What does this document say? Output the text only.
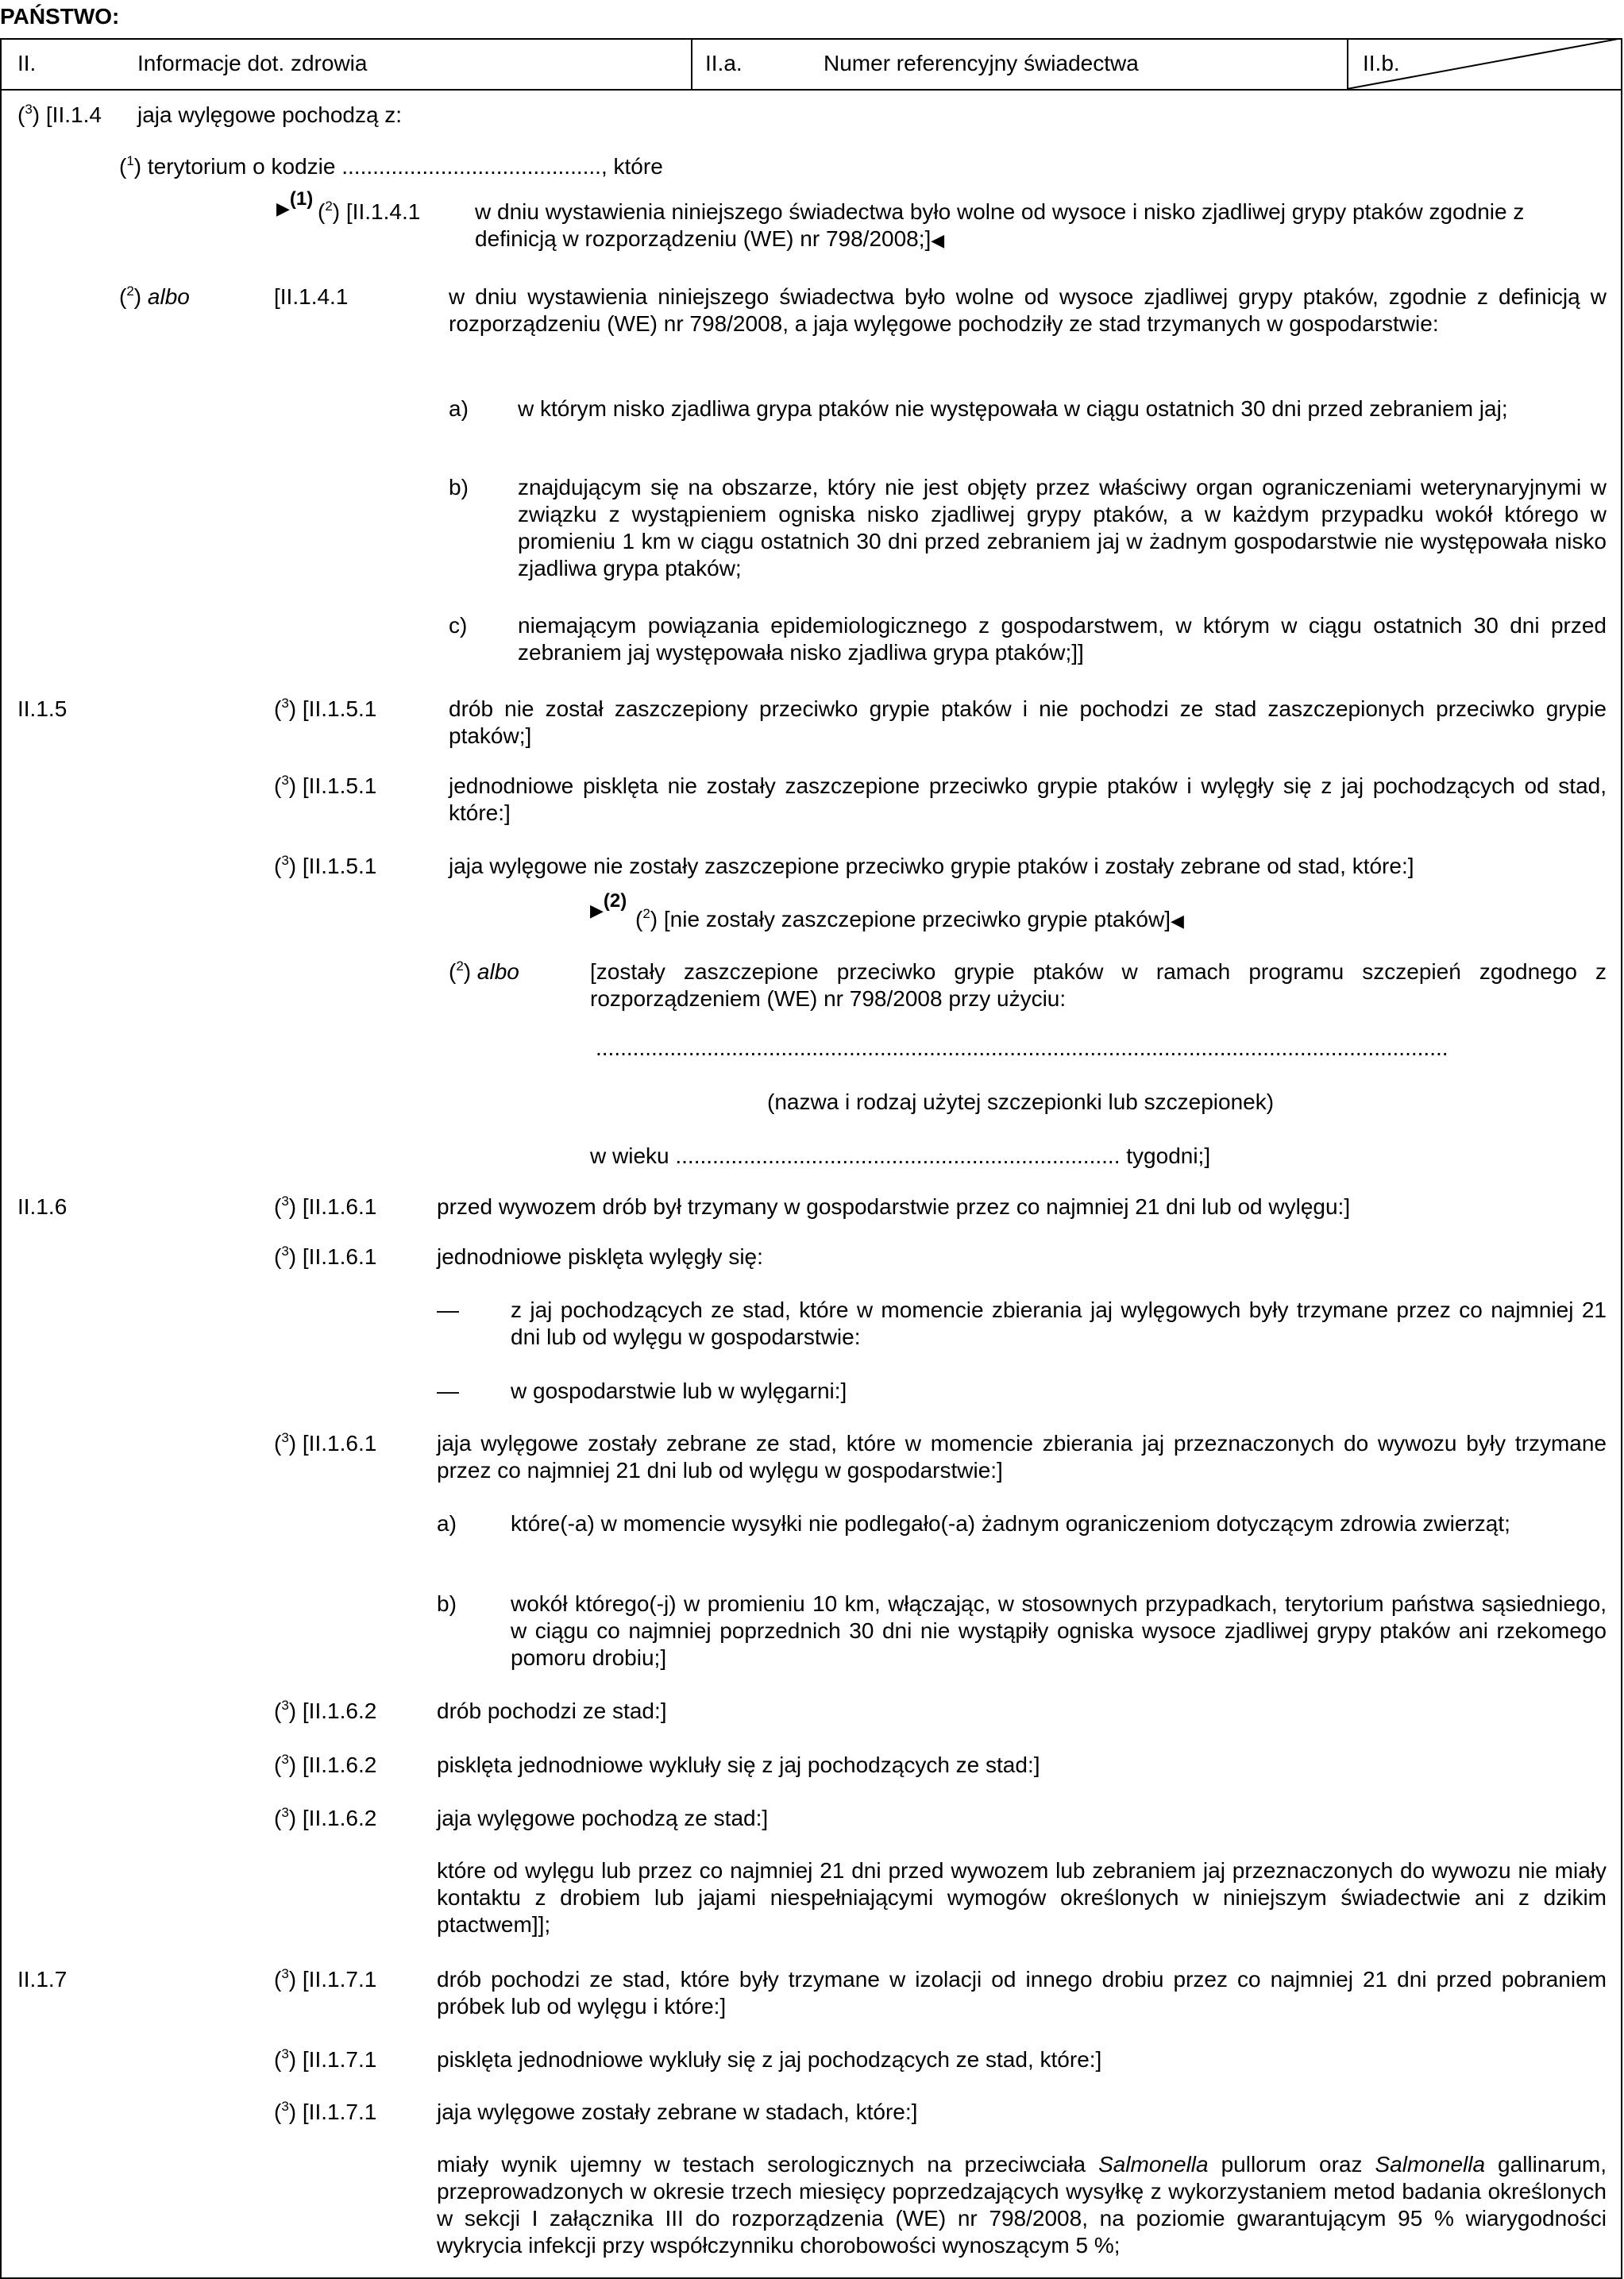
PAŃSTWO:
II.	Informacje dot. zdrowia	II.a.	Numer referencyjny świadectwa	II.b.
($^3$) [II.1.4 jaja wylęgowe pochodzą z:
($^1$) terytorium o kodzie .........................................., które
▶(1)
($^2$) [II.1.4.1 w dniu wystawienia niniejszego świadectwa było wolne od wysoce i nisko zjadliwej grypy ptaków zgodnie z definicją w rozporządzeniu (WE) nr 798/2008;]◀
($^2$) albo	[II.1.4.1	w dniu wystawienia niniejszego świadectwa było wolne od wysoce zjadliwej grypy ptaków, zgodnie z definicją w rozporządzeniu (WE) nr 798/2008, a jaja wylęgowe pochodziły ze stad trzymanych w gospodarstwie:
a) w którym nisko zjadliwa grypa ptaków nie występowała w ciągu ostatnich 30 dni przed zebraniem jaj;
b) znajdującym się na obszarze, który nie jest objęty przez właściwy organ ograniczeniami weterynaryjnymi w związku z wystąpieniem ogniska nisko zjadliwej grypy ptaków, a w każdym przypadku wokół którego w promieniu 1 km w ciągu ostatnich 30 dni przed zebraniem jaj w żadnym gospodarstwie nie występowała nisko zjadliwa grypa ptaków;
c) niemającym powiązania epidemiologicznego z gospodarstwem, w którym w ciągu ostatnich 30 dni przed zebraniem jaj występowała nisko zjadliwa grypa ptaków;]]
II.1.5	($^3$) [II.1.5.1	drób nie został zaszczepiony przeciwko grypie ptaków i nie pochodzi ze stad zaszczepionych przeciwko grypie ptaków;]
($^3$) [II.1.5.1	jednodniowe pisklęta nie zostały zaszczepione przeciwko grypie ptaków i wylęgły się z jaj pochodzących od stad, które:]
($^3$) [II.1.5.1	jaja wylęgowe nie zostały zaszczepione przeciwko grypie ptaków i zostały zebrane od stad, które:]
▶(2)
($^2$) [nie zostały zaszczepione przeciwko grypie ptaków]◀
($^2$) albo	[zostały zaszczepione przeciwko grypie ptaków w ramach programu szczepień zgodnego z rozporządzeniem (WE) nr 798/2008 przy użyciu:
..........................................................................................................................................
(nazwa i rodzaj użytej szczepionki lub szczepionek)
w wieku ........................................................................ tygodni;]
II.1.6	($^3$) [II.1.6.1	przed wywozem drób był trzymany w gospodarstwie przez co najmniej 21 dni lub od wylęgu:]
($^3$) [II.1.6.1	jednodniowe pisklęta wylęgły się:
— z jaj pochodzących ze stad, które w momencie zbierania jaj wylęgowych były trzymane przez co najmniej 21 dni lub od wylęgu w gospodarstwie:
— w gospodarstwie lub w wylęgarni:]
($^3$) [II.1.6.1	jaja wylęgowe zostały zebrane ze stad, które w momencie zbierania jaj przeznaczonych do wywozu były trzymane przez co najmniej 21 dni lub od wylęgu w gospodarstwie:]
a) które(-a) w momencie wysyłki nie podlegało(-a) żadnym ograniczeniom dotyczącym zdrowia zwierząt;
b) wokół którego(-j) w promieniu 10 km, włączając, w stosownych przypadkach, terytorium państwa sąsiedniego, w ciągu co najmniej poprzednich 30 dni nie wystąpiły ogniska wysoce zjadliwej grypy ptaków ani rzekomego pomoru drobiu;]
($^3$) [II.1.6.2	drób pochodzi ze stad:]
($^3$) [II.1.6.2	pisklęta jednodniowe wykluły się z jaj pochodzących ze stad:]
($^3$) [II.1.6.2	jaja wylęgowe pochodzą ze stad:]
które od wylęgu lub przez co najmniej 21 dni przed wywozem lub zebraniem jaj przeznaczonych do wywozu nie miały kontaktu z drobiem lub jajami niespełniającymi wymogów określonych w niniejszym świadectwie ani z dzikim ptactwem]];
II.1.7	($^3$) [II.1.7.1	drób pochodzi ze stad, które były trzymane w izolacji od innego drobiu przez co najmniej 21 dni przed pobraniem próbek lub od wylęgu i które:]
($^3$) [II.1.7.1	pisklęta jednodniowe wykluły się z jaj pochodzących ze stad, które:]
($^3$) [II.1.7.1	jaja wylęgowe zostały zebrane w stadach, które:]
miały wynik ujemny w testach serologicznych na przeciwciała Salmonella pullorum oraz Salmonella gallinarum, przeprowadzonych w okresie trzech miesięcy poprzedzających wysyłkę z wykorzystaniem metod badania określonych w sekcji I załącznika III do rozporządzenia (WE) nr 798/2008, na poziomie gwarantującym 95 % wiarygodności wykrycia infekcji przy współczynniku chorobowości wynoszącym 5 %;
